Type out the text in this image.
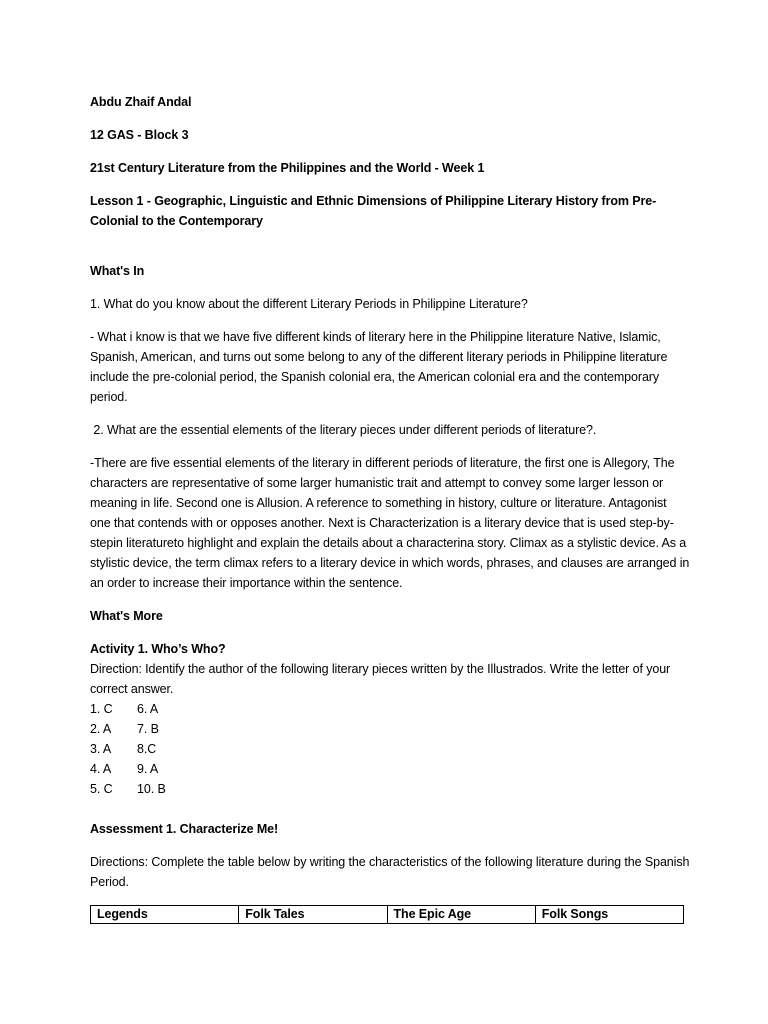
Abdu Zhaif Andal

12 GAS - Block 3

21st Century Literature from the Philippines and the World - Week 1

Lesson 1 - Geographic, Linguistic and Ethnic Dimensions of Philippine Literary History from Pre-Colonial to the Contemporary

What's In

1. What do you know about the different Literary Periods in Philippine Literature?

- What i know is that we have five different kinds of literary here in the Philippine literature Native, Islamic, Spanish, American, and turns out some belong to any of the different literary periods in Philippine literature include the pre-colonial period, the Spanish colonial era, the American colonial era and the contemporary period.

2. What are the essential elements of the literary pieces under different periods of literature?.

-There are five essential elements of the literary in different periods of literature, the first one is Allegory, The characters are representative of some larger humanistic trait and attempt to convey some larger lesson or meaning in life. Second one is Allusion. A reference to something in history, culture or literature. Antagonist one that contends with or opposes another. Next is Characterization is a literary device that is used step-by-stepin literatureto highlight and explain the details about a characterina story. Climax as a stylistic device. As a stylistic device, the term climax refers to a literary device in which words, phrases, and clauses are arranged in an order to increase their importance within the sentence.

What's More

Activity 1. Who’s Who?

Direction: Identify the author of the following literary pieces written by the Illustrados. Write the letter of your correct answer.

1. C	6. A
2. A	7. B
3. A	8.C
4. A	9. A
5. C	10. B

Assessment 1. Characterize Me!

Directions: Complete the table below by writing the characteristics of the following literature during the Spanish Period.

Legends	Folk Tales	The Epic Age	Folk Songs
